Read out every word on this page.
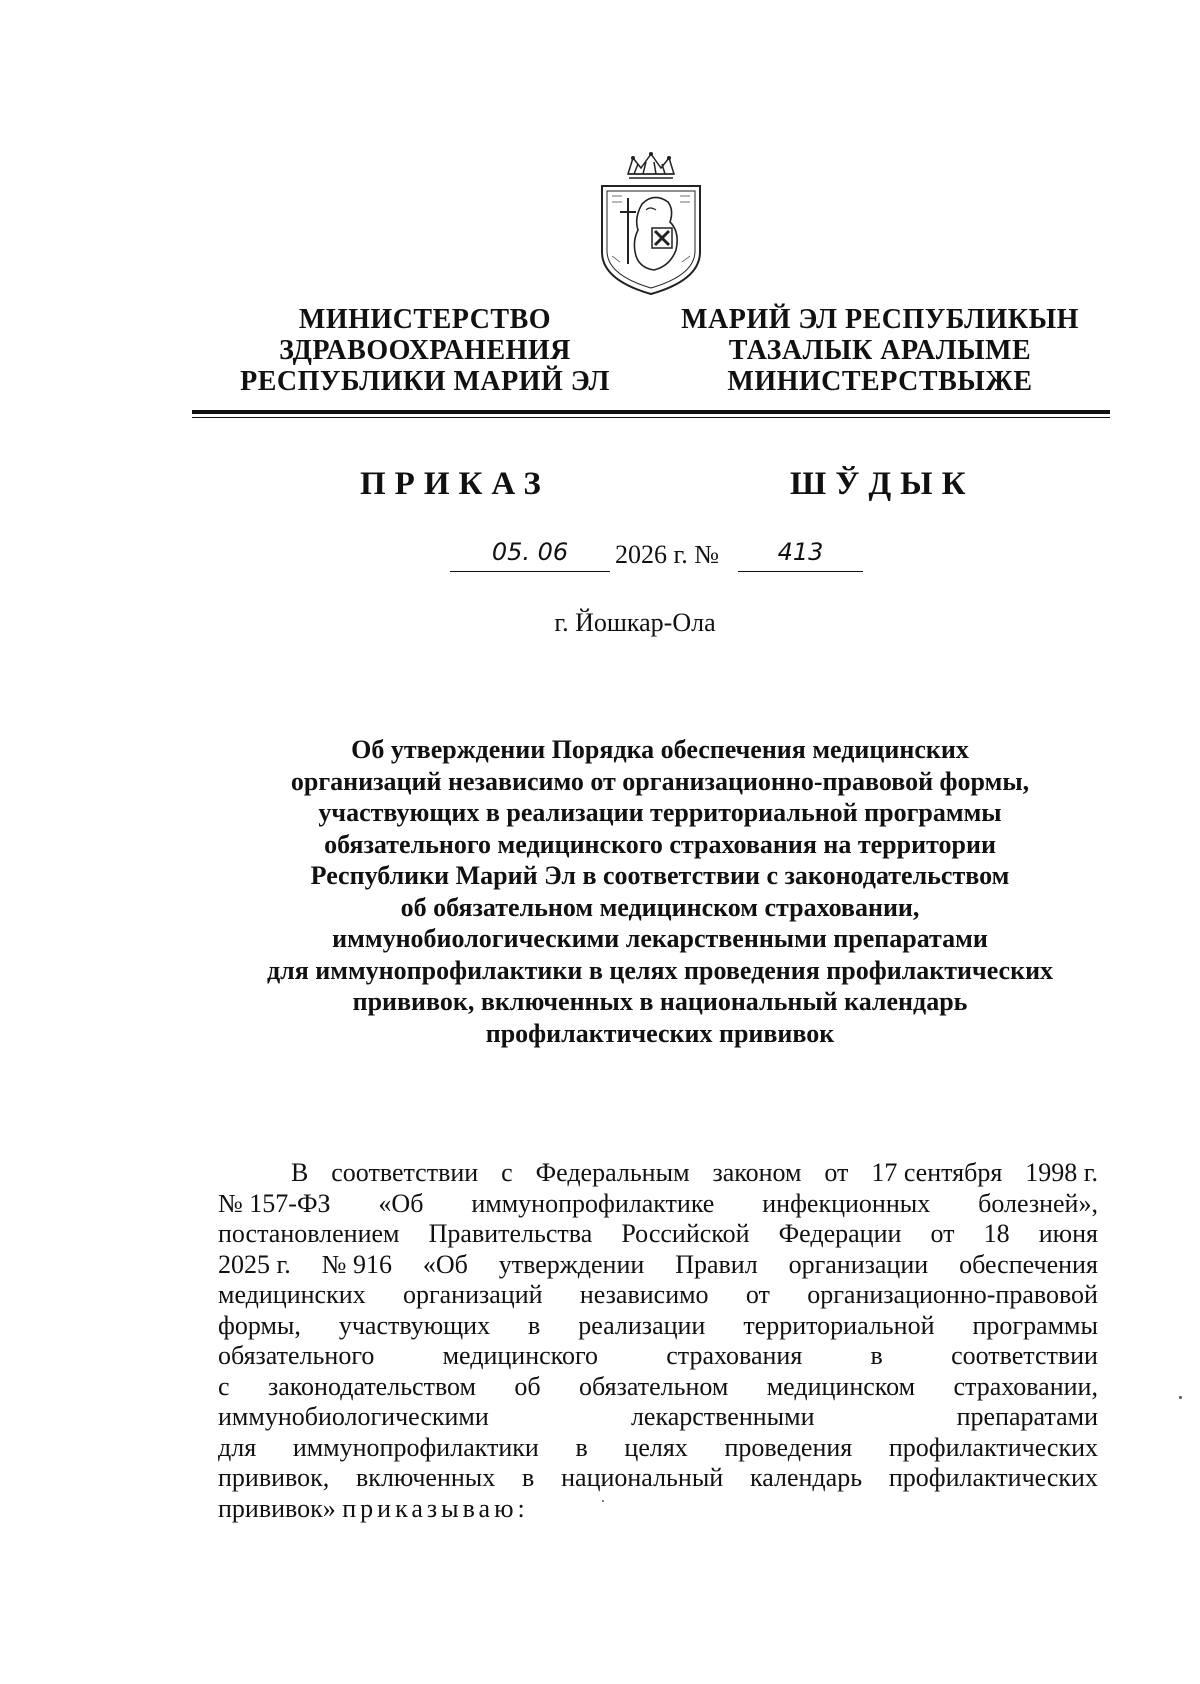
МИНИСТЕРСТВО
ЗДРАВООХРАНЕНИЯ
РЕСПУБЛИКИ МАРИЙ ЭЛ
МАРИЙ ЭЛ РЕСПУБЛИКЫН
ТАЗАЛЫК АРАЛЫМЕ
МИНИСТЕРСТВЫЖЕ
ПРИКАЗ	ШЎДЫК
05. 06	2026 г. №	413
г. Йошкар-Ола
Об утверждении Порядка обеспечения медицинских
организаций независимо от организационно-правовой формы,
участвующих в реализации территориальной программы
обязательного медицинского страхования на территории
Республики Марий Эл в соответствии с законодательством
об обязательном медицинском страховании,
иммунобиологическими лекарственными препаратами
для иммунопрофилактики в целях проведения профилактических
прививок, включенных в национальный календарь
профилактических прививок
В соответствии с Федеральным законом от 17 сентября 1998 г.
№ 157-ФЗ «Об иммунопрофилактике инфекционных болезней»,
постановлением Правительства Российской Федерации от 18 июня
2025 г. № 916 «Об утверждении Правил организации обеспечения
медицинских организаций независимо от организационно-правовой
формы, участвующих в реализации территориальной программы
обязательного	медицинского	страхования	в	соответствии
с законодательством об обязательном медицинском страховании,
иммунобиологическими	лекарственными	препаратами
для иммунопрофилактики в целях проведения профилактических
прививок, включенных в национальный календарь профилактических
прививок»
приказываю:
